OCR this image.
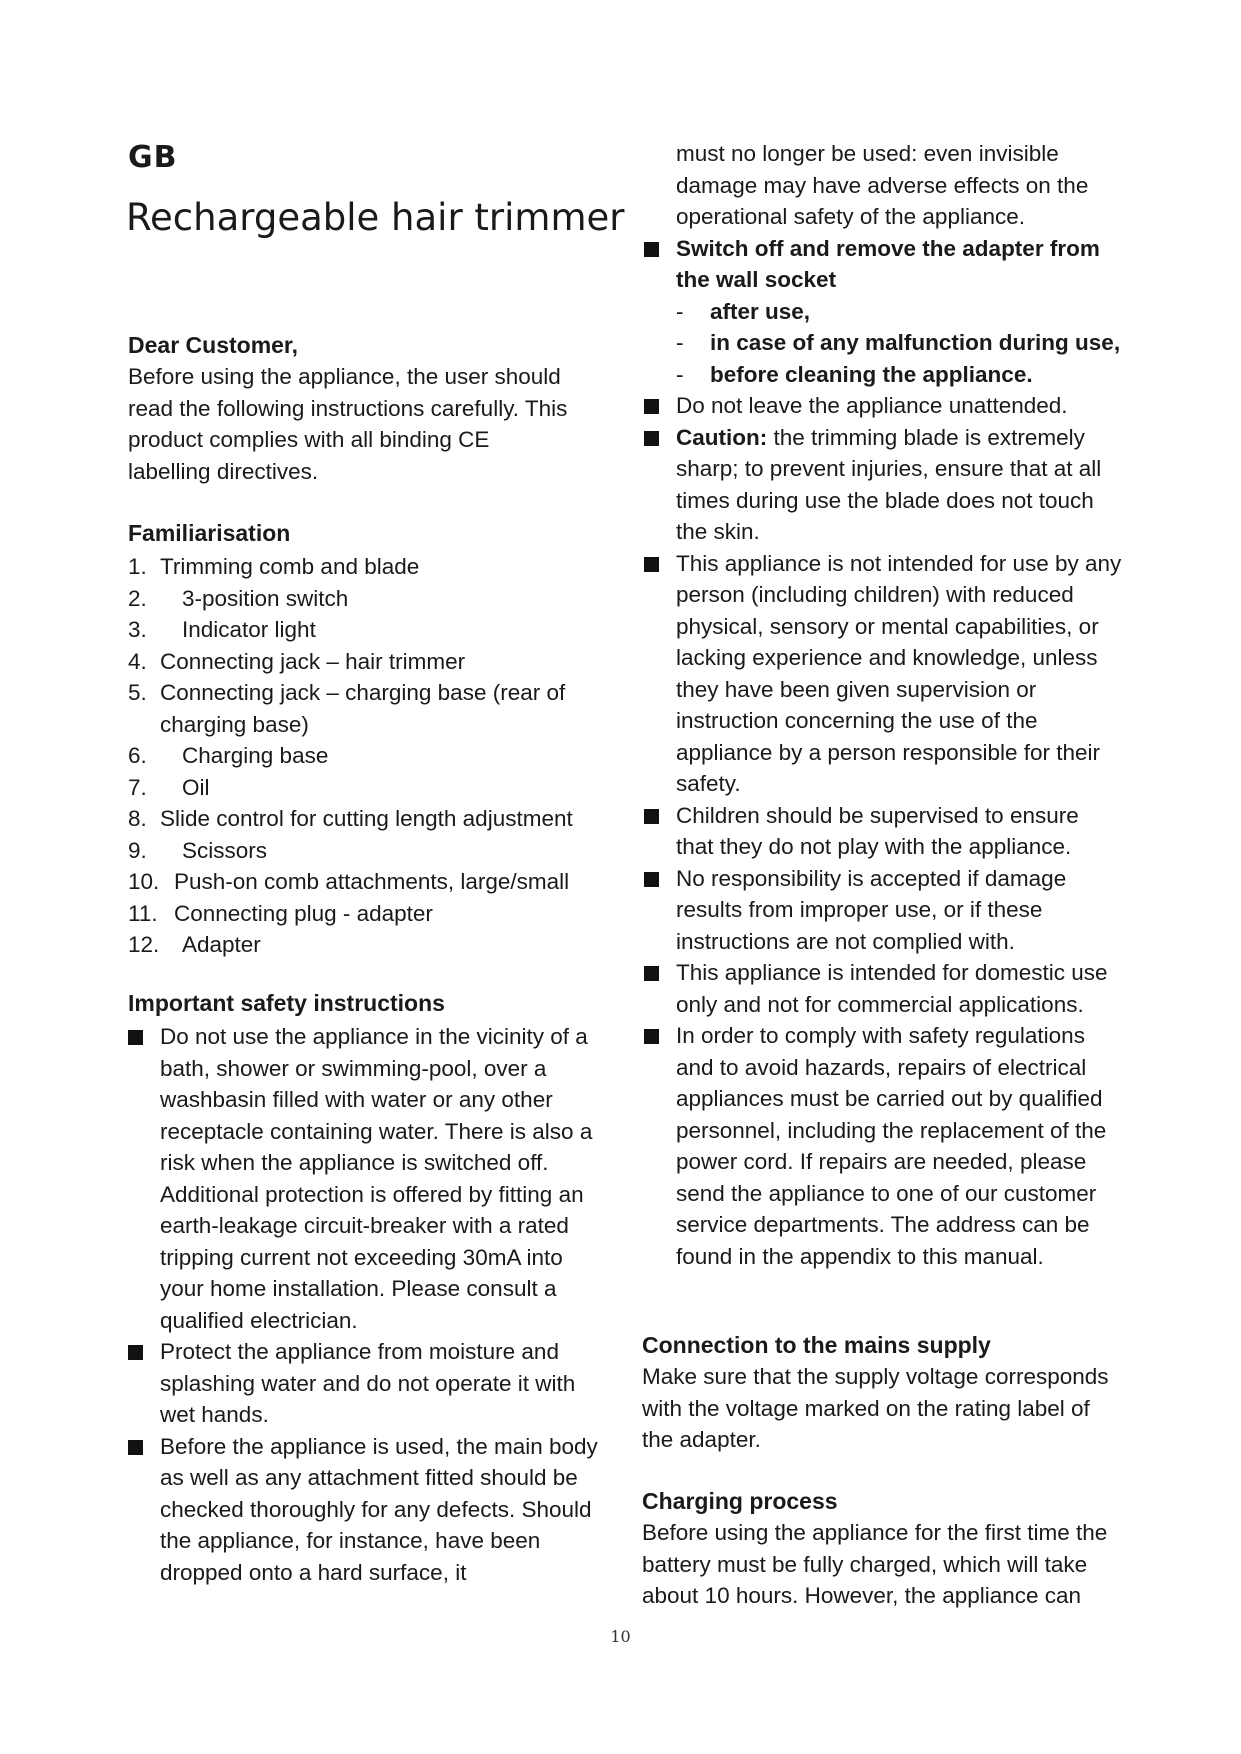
GB
Rechargeable hair trimmer
Dear Customer,

Before using the appliance, the user should read the following instructions carefully. This product complies with all binding CE labelling directives.

Familiarisation
1. Trimming comb and blade
2.	3-position switch
3.	Indicator light
4. Connecting jack – hair trimmer
5. Connecting jack – charging base (rear of charging base)
6.	Charging base
7.	Oil
8. Slide control for cutting length adjustment
9.	Scissors
10. Push-on comb attachments, large/small
11. Connecting plug - adapter
12.	Adapter
Important safety instructions
Do not use the appliance in the vicinity of a bath, shower or swimming-pool, over a washbasin filled with water or any other receptacle containing water. There is also a risk when the appliance is switched off. Additional protection is offered by fitting an earth-leakage circuit-breaker with a rated tripping current not exceeding 30mA into your home installation. Please consult a qualified electrician.
Protect the appliance from moisture and splashing water and do not operate it with wet hands.
Before the appliance is used, the main body as well as any attachment fitted should be checked thoroughly for any defects. Should the appliance, for instance, have been dropped onto a hard surface, it

must no longer be used: even invisible damage may have adverse effects on the operational safety of the appliance.

Switch off and remove the adapter from the wall socket
- after use,
- in case of any malfunction during use,
- before cleaning the appliance.
Do not leave the appliance unattended.
Caution: the trimming blade is extremely sharp; to prevent injuries, ensure that at all times during use the blade does not touch the skin.
This appliance is not intended for use by any person (including children) with reduced physical, sensory or mental capabilities, or lacking experience and knowledge, unless they have been given supervision or instruction concerning the use of the appliance by a person responsible for their safety.
Children should be supervised to ensure that they do not play with the appliance.
No responsibility is accepted if damage results from improper use, or if these instructions are not complied with.
This appliance is intended for domestic use only and not for commercial applications.
In order to comply with safety regulations and to avoid hazards, repairs of electrical appliances must be carried out by qualified personnel, including the replacement of the power cord. If repairs are needed, please send the appliance to one of our customer service departments. The address can be found in the appendix to this manual.
Connection to the mains supply

Make sure that the supply voltage corresponds with the voltage marked on the rating label of the adapter.

Charging process

Before using the appliance for the first time the battery must be fully charged, which will take about 10 hours. However, the appliance can

10
